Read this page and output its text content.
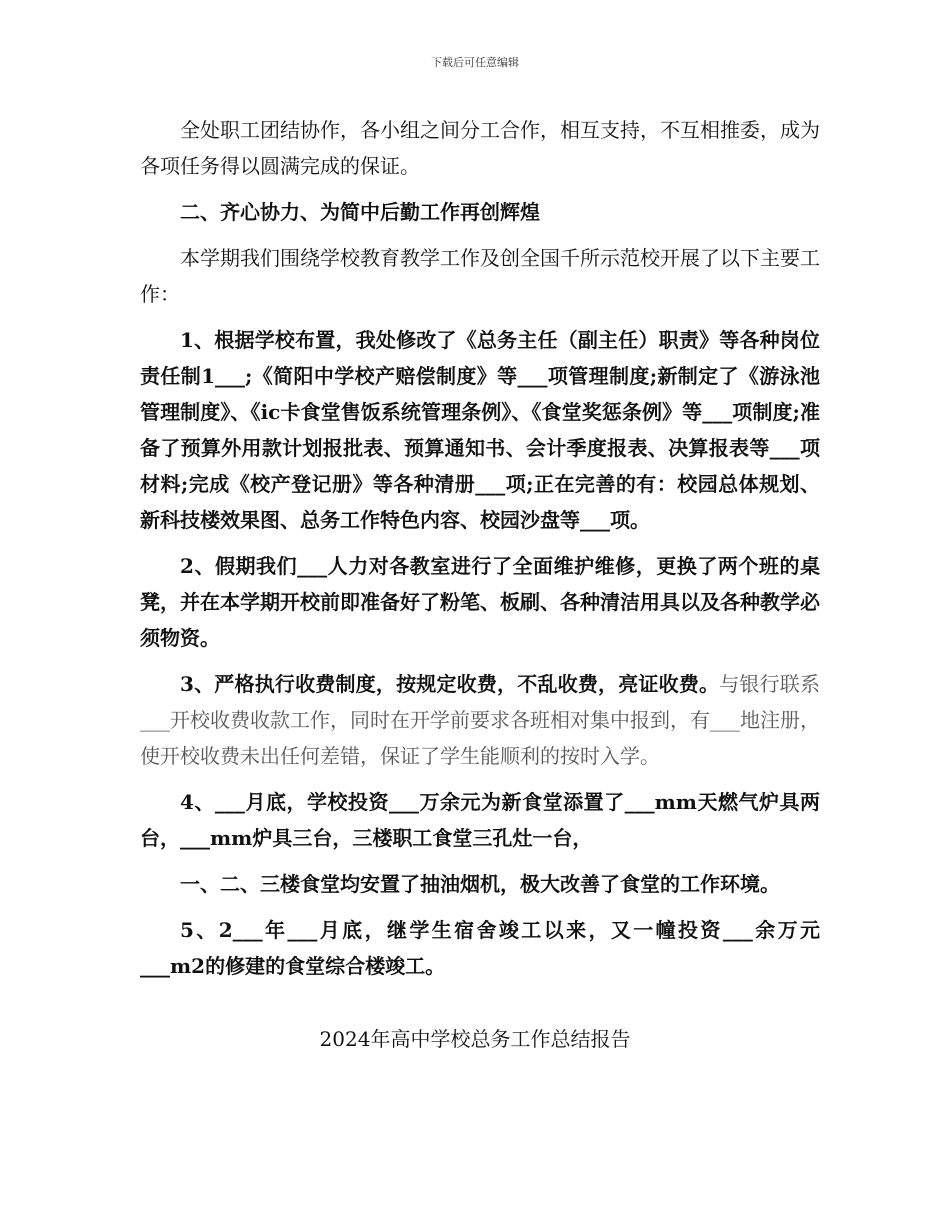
下载后可任意编辑

全处职工团结协作，各小组之间分工合作，相互支持，不互相推委，成为各项任务得以圆满完成的保证。

二、齐心协力、为简中后勤工作再创辉煌

本学期我们围绕学校教育教学工作及创全国千所示范校开展了以下主要工作：

1、根据学校布置，我处修改了《总务主任（副主任）职责》等各种岗位责任制1___;《简阳中学校产赔偿制度》等___项管理制度;新制定了《游泳池管理制度》、《ic卡食堂售饭系统管理条例》、《食堂奖惩条例》等___项制度;准备了预算外用款计划报批表、预算通知书、会计季度报表、决算报表等___项材料;完成《校产登记册》等各种清册___项;正在完善的有：校园总体规划、新科技楼效果图、总务工作特色内容、校园沙盘等___项。

2、假期我们___人力对各教室进行了全面维护维修，更换了两个班的桌凳，并在本学期开校前即准备好了粉笔、板刷、各种清洁用具以及各种教学必须物资。

3、严格执行收费制度，按规定收费，不乱收费，亮证收费。与银行联系___开校收费收款工作，同时在开学前要求各班相对集中报到，有___地注册，使开校收费未出任何差错，保证了学生能顺利的按时入学。

4、___月底，学校投资___万余元为新食堂添置了___mm天燃气炉具两台，___mm炉具三台，三楼职工食堂三孔灶一台，

一、二、三楼食堂均安置了抽油烟机，极大改善了食堂的工作环境。

5、2___年___月底，继学生宿舍竣工以来，又一幢投资___余万元___m2的修建的食堂综合楼竣工。

2024年高中学校总务工作总结报告
